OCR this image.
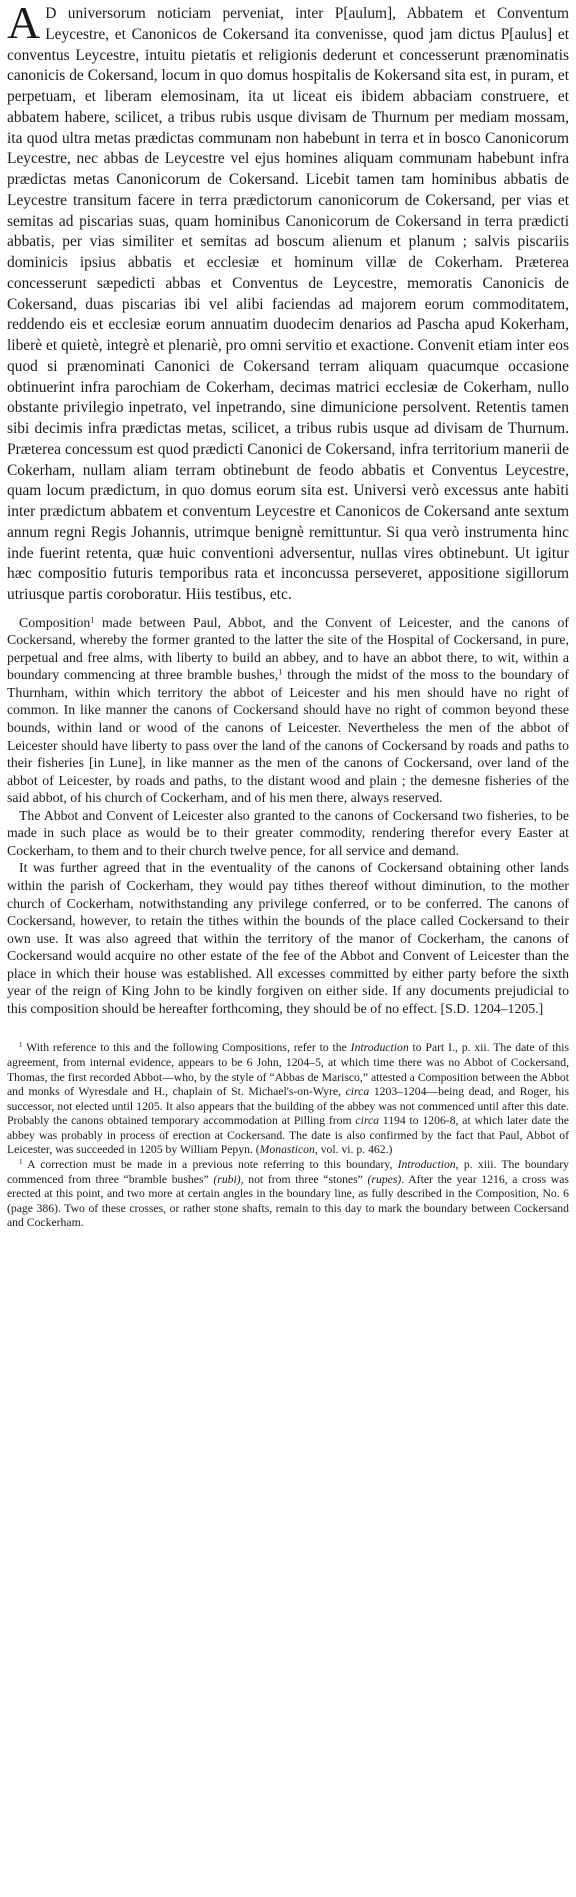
A D universorum noticiam perveniat, inter P[aulum], Abbatem et Conventum Leycestre, et Canonicos de Cokersand ita convenisse, quod jam dictus P[aulus] et conventus Leycestre, intuitu pietatis et religionis dederunt et concesserunt prænominatis canonicis de Cokersand, locum in quo domus hospitalis de Kokersand sita est, in puram, et perpetuam, et liberam elemosinam, ita ut liceat eis ibidem abbaciam construere, et abbatem habere, scilicet, a tribus rubis usque divisam de Thurnum per mediam mossam, ita quod ultra metas prædictas communam non habebunt in terra et in bosco Canonicorum Leycestre, nec abbas de Leycestre vel ejus homines aliquam communam habebunt infra prædictas metas Canonicorum de Cokersand. Licebit tamen tam hominibus abbatis de Leycestre transitum facere in terra prædictorum canonicorum de Cokersand, per vias et semitas ad piscarias suas, quam hominibus Canonicorum de Cokersand in terra prædicti abbatis, per vias similiter et semitas ad boscum alienum et planum ; salvis piscariis dominicis ipsius abbatis et ecclesiæ et hominum villæ de Cokerham. Præterea concesserunt sæpedicti abbas et Conventus de Leycestre, memoratis Canonicis de Cokersand, duas piscarias ibi vel alibi faciendas ad majorem eorum commoditatem, reddendo eis et ecclesiæ eorum annuatim duodecim denarios ad Pascha apud Kokerham, liberè et quietè, integrè et plenariè, pro omni servitio et exactione. Convenit etiam inter eos quod si prænominati Canonici de Cokersand terram aliquam quacumque occasione obtinuerint infra parochiam de Cokerham, decimas matrici ecclesiæ de Cokerham, nullo obstante privilegio inpetrato, vel inpetrando, sine dimunicione persolvent. Retentis tamen sibi decimis infra prædictas metas, scilicet, a tribus rubis usque ad divisam de Thurnum. Præterea concessum est quod prædicti Canonici de Cokersand, infra territorium manerii de Cokerham, nullam aliam terram obtinebunt de feodo abbatis et Conventus Leycestre, quam locum prædictum, in quo domus eorum sita est. Universi verò excessus ante habiti inter prædictum abbatem et conventum Leycestre et Canonicos de Cokersand ante sextum annum regni Regis Johannis, utrimque benignè remittuntur. Si qua verò instrumenta hinc inde fuerint retenta, quæ huic conventioni adversentur, nullas vires obtinebunt. Ut igitur hæc compositio futuris temporibus rata et inconcussa perseveret, appositione sigillorum utriusque partis coroboratur. Hiis testibus, etc.

Composition$^1$ made between Paul, Abbot, and the Convent of Leicester, and the canons of Cockersand, whereby the former granted to the latter the site of the Hospital of Cockersand, in pure, perpetual and free alms, with liberty to build an abbey, and to have an abbot there, to wit, within a boundary commencing at three bramble bushes,$^1$ through the midst of the moss to the boundary of Thurnham, within which territory the abbot of Leicester and his men should have no right of common. In like manner the canons of Cockersand should have no right of common beyond these bounds, within land or wood of the canons of Leicester. Nevertheless the men of the abbot of Leicester should have liberty to pass over the land of the canons of Cockersand by roads and paths to their fisheries [in Lune], in like manner as the men of the canons of Cockersand, over land of the abbot of Leicester, by roads and paths, to the distant wood and plain ; the demesne fisheries of the said abbot, of his church of Cockerham, and of his men there, always reserved.

The Abbot and Convent of Leicester also granted to the canons of Cockersand two fisheries, to be made in such place as would be to their greater commodity, rendering therefor every Easter at Cockerham, to them and to their church twelve pence, for all service and demand.

It was further agreed that in the eventuality of the canons of Cockersand obtaining other lands within the parish of Cockerham, they would pay tithes thereof without diminution, to the mother church of Cockerham, notwithstanding any privilege conferred, or to be conferred. The canons of Cockersand, however, to retain the tithes within the bounds of the place called Cockersand to their own use. It was also agreed that within the territory of the manor of Cockerham, the canons of Cockersand would acquire no other estate of the fee of the Abbot and Convent of Leicester than the place in which their house was established. All excesses committed by either party before the sixth year of the reign of King John to be kindly forgiven on either side. If any documents prejudicial to this composition should be hereafter forthcoming, they should be of no effect. [S.D. 1204–1205.]

$^1$ With reference to this and the following Compositions, refer to the Introduction to Part I., p. xii. The date of this agreement, from internal evidence, appears to be 6 John, 1204–5, at which time there was no Abbot of Cockersand, Thomas, the first recorded Abbot—who, by the style of “Abbas de Marisco,” attested a Composition between the Abbot and monks of Wyresdale and H., chaplain of St. Michael's-on-Wyre, circa 1203–1204—being dead, and Roger, his successor, not elected until 1205. It also appears that the building of the abbey was not commenced until after this date. Probably the canons obtained temporary accommodation at Pilling from circa 1194 to 1206-8, at which later date the abbey was probably in process of erection at Cockersand. The date is also confirmed by the fact that Paul, Abbot of Leicester, was succeeded in 1205 by William Pepyn. (Monasticon, vol. vi. p. 462.)

$^1$ A correction must be made in a previous note referring to this boundary, Introduction, p. xiii. The boundary commenced from three “bramble bushes” (rubi), not from three “stones” (rupes). After the year 1216, a cross was erected at this point, and two more at certain angles in the boundary line, as fully described in the Composition, No. 6 (page 386). Two of these crosses, or rather stone shafts, remain to this day to mark the boundary between Cockersand and Cockerham.
